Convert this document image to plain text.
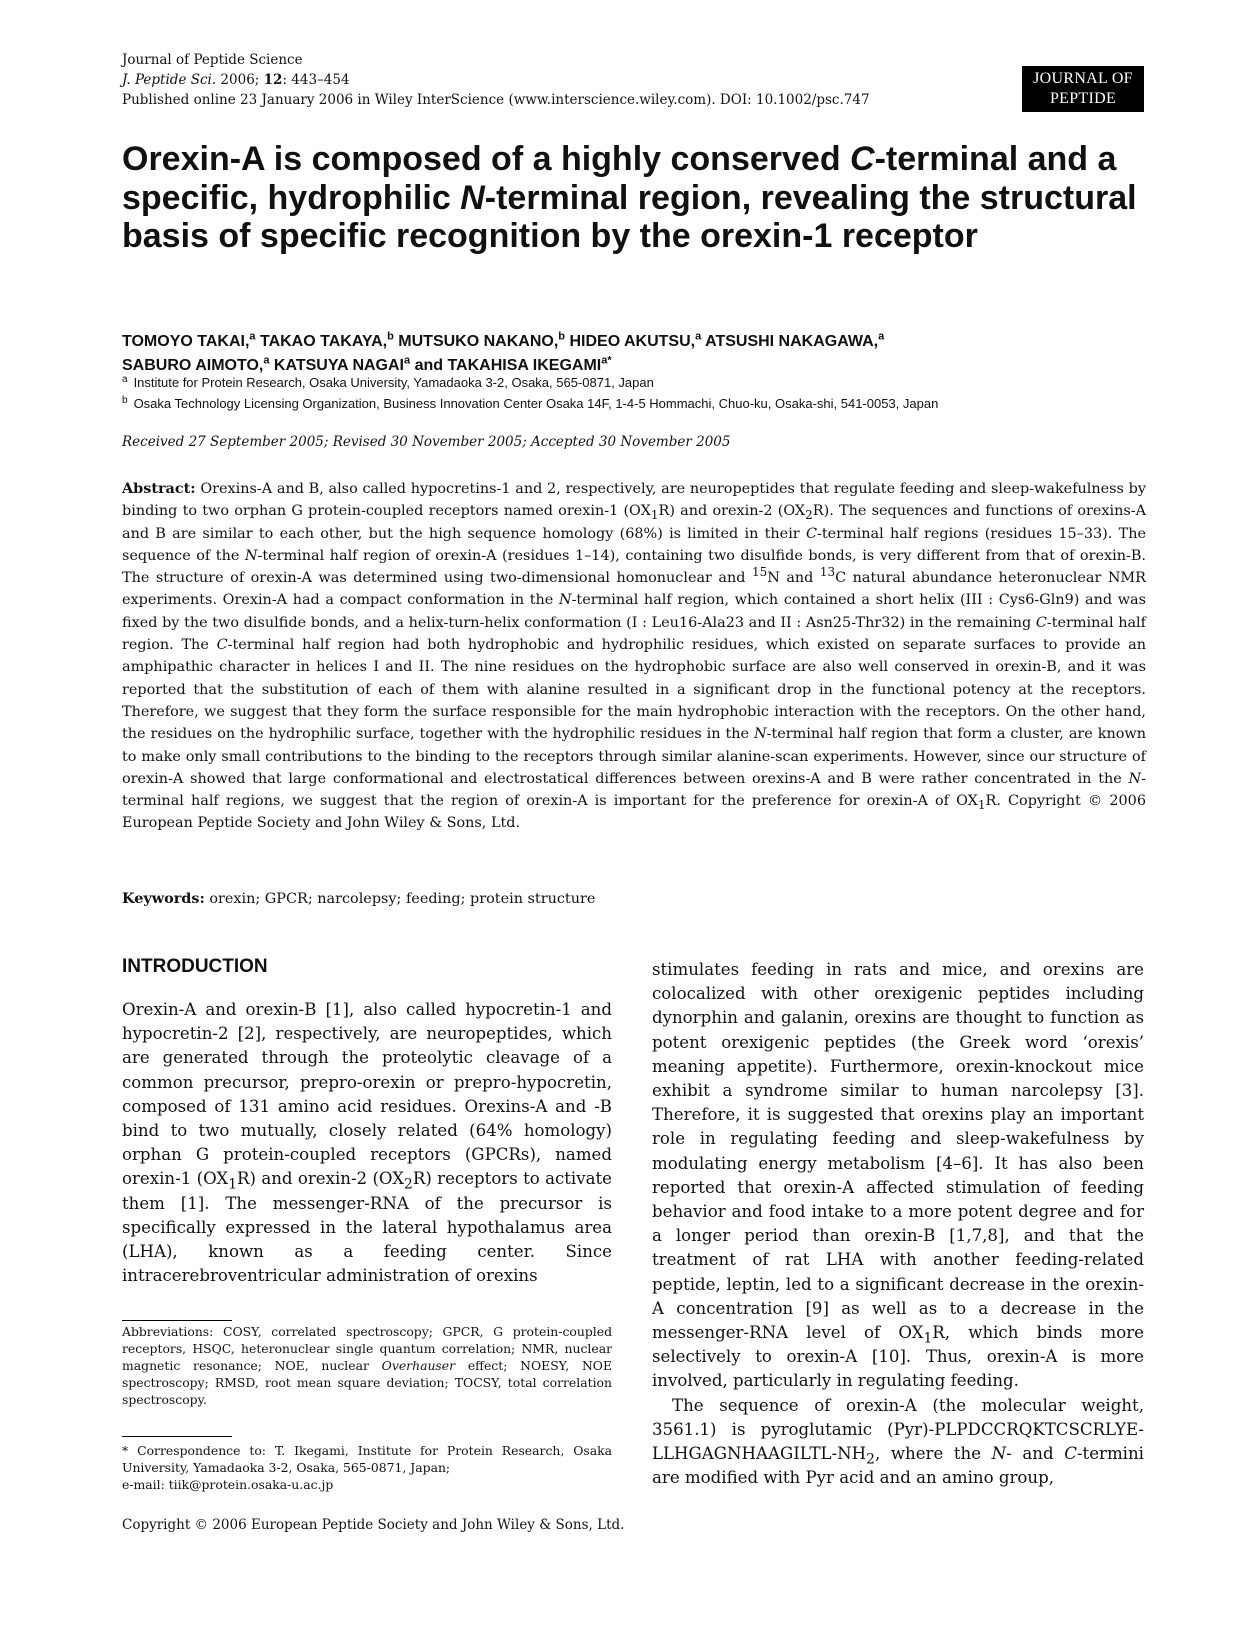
Journal of Peptide Science
J. Peptide Sci. 2006; 12: 443–454
Published online 23 January 2006 in Wiley InterScience (www.interscience.wiley.com). DOI: 10.1002/psc.747
JOURNAL OF
PEPTIDE SCIENCE
Orexin-A is composed of a highly conserved C-terminal and a specific, hydrophilic N-terminal region, revealing the structural basis of specific recognition by the orexin-1 receptor
TOMOYO TAKAI,$^a$ TAKAO TAKAYA,$^b$ MUTSUKO NAKANO,$^b$ HIDEO AKUTSU,$^a$ ATSUSHI NAKAGAWA,$^a$
SABURO AIMOTO,$^a$ KATSUYA NAGAI$^a$ and TAKAHISA $IKEGAMI^{a*}$
$^a$ Institute for Protein Research, Osaka University, Yamadaoka 3-2, Osaka, 565-0871, Japan
$^b$ Osaka Technology Licensing Organization, Business Innovation Center Osaka 14F, 1-4-5 Hommachi, Chuo-ku, Osaka-shi, 541-0053, Japan
Received 27 September 2005; Revised 30 November 2005; Accepted 30 November 2005

Abstract: Orexins-A and B, also called hypocretins-1 and 2, respectively, are neuropeptides that regulate feeding and sleep-wakefulness by binding to two orphan G protein-coupled receptors named orexin-1 $(OX_1R)$ and orexin-2 $(OX_2R)$. The sequences and functions of orexins-A and B are similar to each other, but the high sequence homology (68%) is limited in their C-terminal half regions (residues 15–33). The sequence of the N-terminal half region of orexin-A (residues 1–14), containing two disulfide bonds, is very different from that of orexin-B. The structure of orexin-A was determined using two-dimensional homonuclear and $^{15}$N and $^{13}$C natural abundance heteronuclear NMR experiments. Orexin-A had a compact conformation in the N-terminal half region, which contained a short helix (III : Cys6-Gln9) and was fixed by the two disulfide bonds, and a helix-turn-helix conformation (I : Leu16-Ala23 and II : Asn25-Thr32) in the remaining C-terminal half region. The C-terminal half region had both hydrophobic and hydrophilic residues, which existed on separate surfaces to provide an amphipathic character in helices I and II. The nine residues on the hydrophobic surface are also well conserved in orexin-B, and it was reported that the substitution of each of them with alanine resulted in a significant drop in the functional potency at the receptors. Therefore, we suggest that they form the surface responsible for the main hydrophobic interaction with the receptors. On the other hand, the residues on the hydrophilic surface, together with the hydrophilic residues in the N-terminal half region that form a cluster, are known to make only small contributions to the binding to the receptors through similar alanine-scan experiments. However, since our structure of orexin-A showed that large conformational and electrostatical differences between orexins-A and B were rather concentrated in the N-terminal half regions, we suggest that the region of orexin-A is important for the preference for orexin-A of $OX_1R$. Copyright © 2006 European Peptide Society and John Wiley & Sons, Ltd.

Keywords: orexin; GPCR; narcolepsy; feeding; protein structure
INTRODUCTION

Orexin-A and orexin-B [1], also called hypocretin-1 and hypocretin-2 [2], respectively, are neuropeptides, which are generated through the proteolytic cleavage of a common precursor, prepro-orexin or prepro-hypocretin, composed of 131 amino acid residues. Orexins-A and -B bind to two mutually, closely related (64% homology) orphan G protein-coupled receptors (GPCRs), named orexin-1 $(OX_1R)$ and orexin-2 $(OX_2R)$ receptors to activate them [1]. The messenger-RNA of the precursor is specifically expressed in the lateral hypothalamus area (LHA), known as a feeding center. Since intracerebroventricular administration of orexins

stimulates feeding in rats and mice, and orexins are colocalized with other orexigenic peptides including dynorphin and galanin, orexins are thought to function as potent orexigenic peptides (the Greek word ‘orexis’ meaning appetite). Furthermore, orexin-knockout mice exhibit a syndrome similar to human narcolepsy [3]. Therefore, it is suggested that orexins play an important role in regulating feeding and sleep-wakefulness by modulating energy metabolism [4–6]. It has also been reported that orexin-A affected stimulation of feeding behavior and food intake to a more potent degree and for a longer period than orexin-B [1,7,8], and that the treatment of rat LHA with another feeding-related peptide, leptin, led to a significant decrease in the orexin-A concentration [9] as well as to a decrease in the messenger-RNA level of $OX_1R$, which binds more selectively to orexin-A [10]. Thus, orexin-A is more involved, particularly in regulating feeding.

The sequence of orexin-A (the molecular weight, 3561.1) is pyroglutamic $(Pyr)-PLPDCCRQKTCSCRLYE-LLHGAGNHAAGILTL-NH_2$, where the N- and C-termini are modified with Pyr acid and an amino group,

Abbreviations: COSY, correlated spectroscopy; GPCR, G protein-coupled receptors, HSQC, heteronuclear single quantum correlation; NMR, nuclear magnetic resonance; NOE, nuclear Overhauser effect; NOESY, NOE spectroscopy; RMSD, root mean square deviation; TOCSY, total correlation spectroscopy.

* Correspondence to: T. Ikegami, Institute for Protein Research, Osaka University, Yamadaoka 3-2, Osaka, 565-0871, Japan;
e-mail: tiik@protein.osaka-u.ac.jp

Copyright © 2006 European Peptide Society and John Wiley & Sons, Ltd.
